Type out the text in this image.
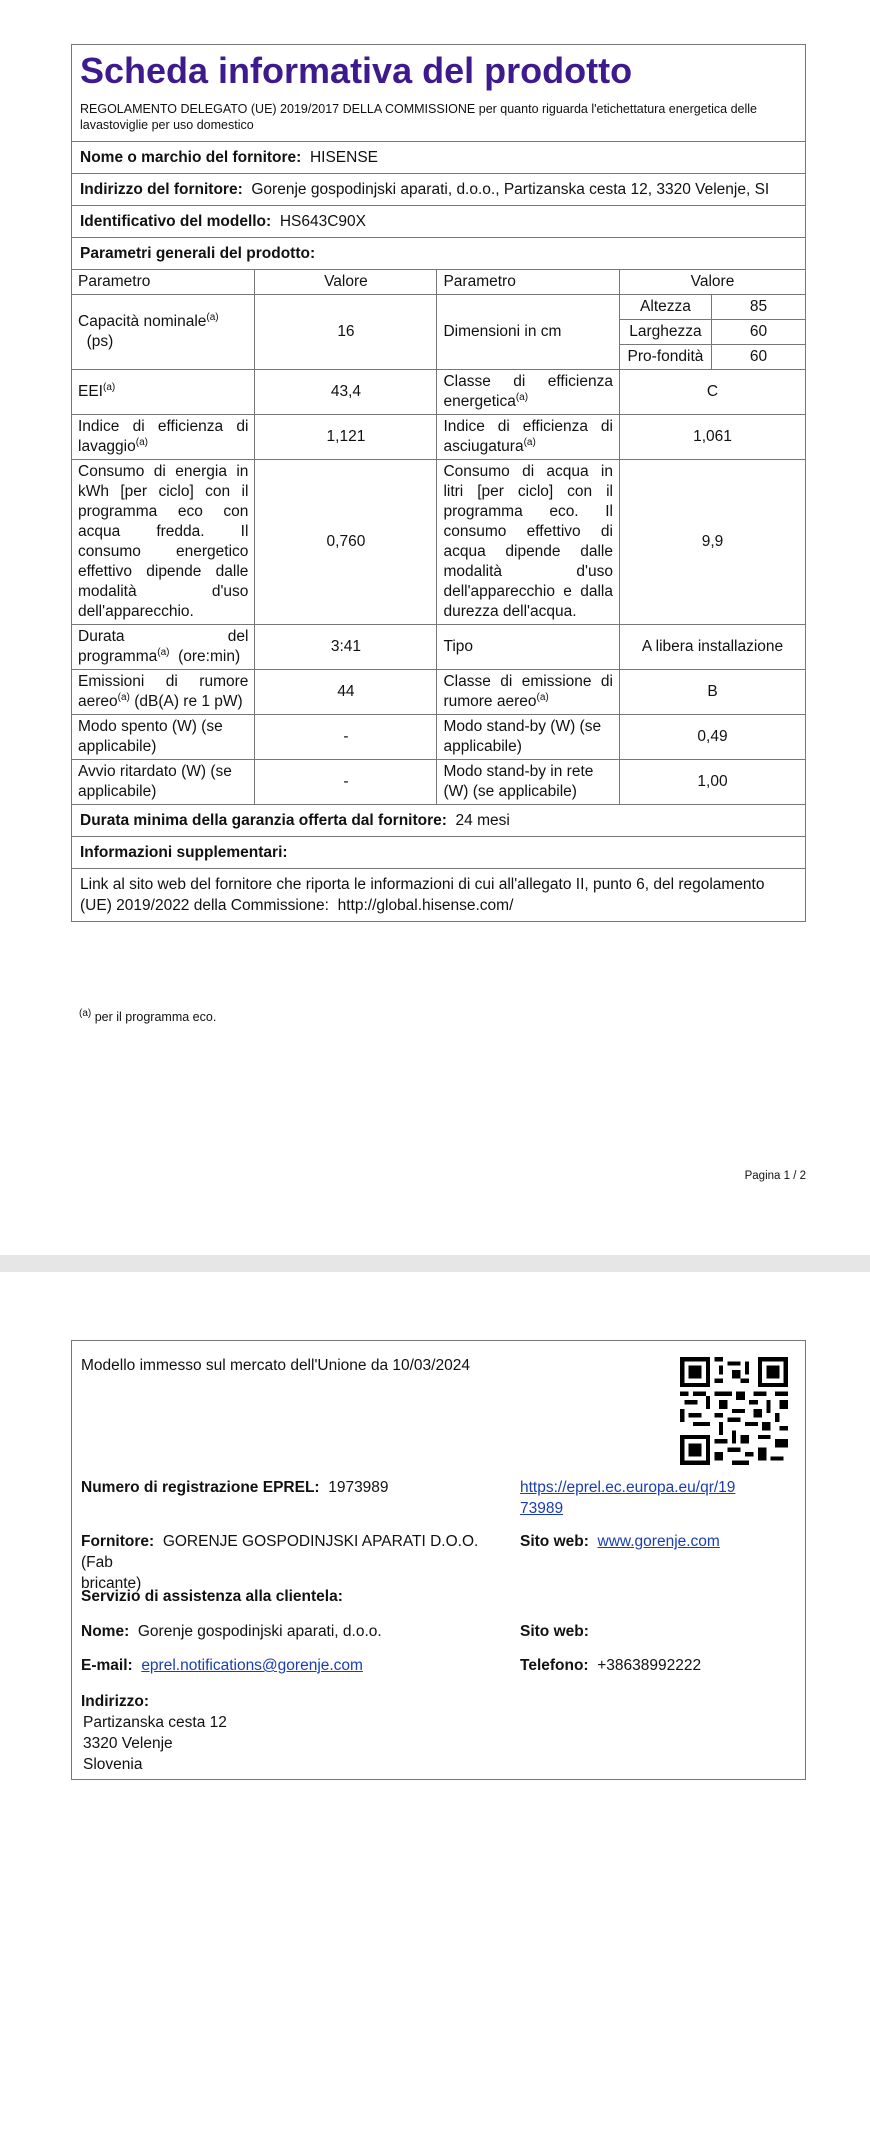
Scheda informativa del prodotto
REGOLAMENTO DELEGATO (UE) 2019/2017 DELLA COMMISSIONE per quanto riguarda l'etichettatura energetica delle lavastoviglie per uso domestico
Nome o marchio del fornitore: HISENSE
Indirizzo del fornitore: Gorenje gospodinjski aparati, d.o.o., Partizanska cesta 12, 3320 Velenje, SI
Identificativo del modello: HS643C90X
Parametri generali del prodotto:
Parametro	Valore	Parametro	Valore	
Capacità nominale$^{(a)}$
(ps)	16	Dimensioni in cm	Altezza	85
			Larghezza	60
			Pro-fondità	60
EEI$^{(a)}$	43,4	Classe di efficienza energetica$^{(a)}$	C	
Indice di efficienza di lavaggio$^{(a)}$	1,121	Indice di efficienza di asciugatura$^{(a)}$	1,061	
Consumo di energia in kWh [per ciclo] con il programma eco con acqua fredda. Il consumo energetico effettivo dipende dalle modalità d'uso dell'apparecchio.	0,760	Consumo di acqua in litri [per ciclo] con il programma eco. Il consumo effettivo di acqua dipende dalle modalità d'uso dell'apparecchio e dalla durezza dell'acqua.	9,9	
Durata del programma$^{(a)}$ (ore:min)	3:41	Tipo	A libera installazione	
Emissioni di rumore aereo$^{(a)}$ (dB(A) re 1 pW)	44	Classe di emissione di rumore aereo$^{(a)}$	B	
Modo spento (W) (se applicabile)	-	Modo stand-by (W) (se applicabile)	0,49	
Avvio ritardato (W) (se applicabile)	-	Modo stand-by in rete (W) (se applicabile)	1,00	
Durata minima della garanzia offerta dal fornitore: 24 mesi
Informazioni supplementari:
Link al sito web del fornitore che riporta le informazioni di cui all'allegato II, punto 6, del regolamento (UE) 2019/2022 della Commissione: http://global.hisense.com/
$^{(a)}$ per il programma eco.
Pagina 1 / 2
Modello immesso sul mercato dell'Unione da 10/03/2024
Numero di registrazione EPREL: 1973989	https://eprel.ec.europa.eu/qr/19
73989
Fornitore: GORENJE GOSPODINJSKI APARATI D.O.O. (Fab
bricante)
Sito web: www.gorenje.com
Servizio di assistenza alla clientela:
Nome: Gorenje gospodinjski aparati, d.o.o.	Sito web:
E-mail: eprel.notifications@gorenje.com	Telefono: +38638992222
Indirizzo:
Partizanska cesta 12
3320 Velenje
Slovenia
